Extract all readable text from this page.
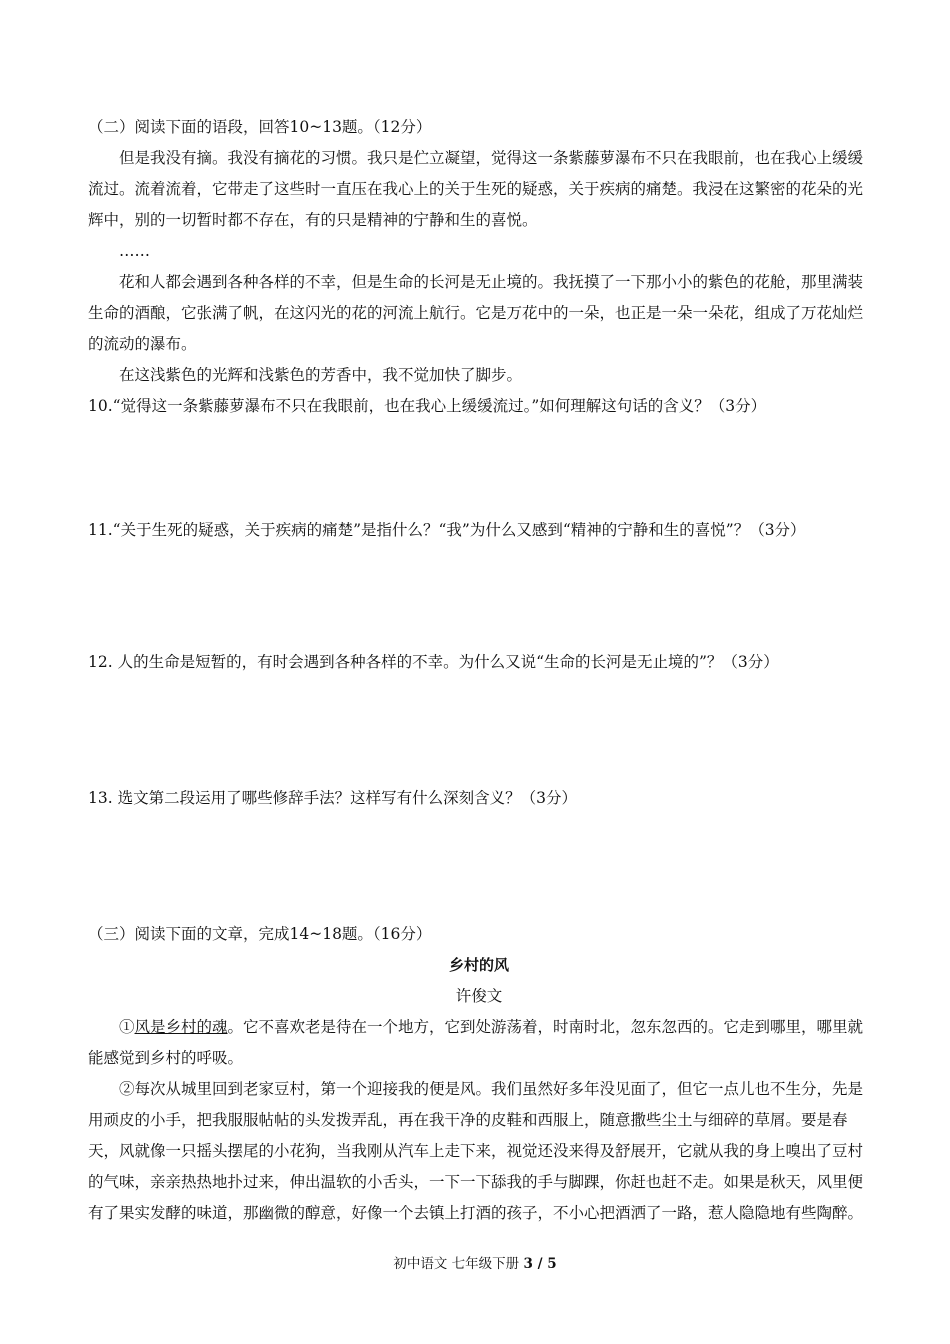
（二）阅读下面的语段，回答10~13题。（12分）

但是我没有摘。我没有摘花的习惯。我只是伫立凝望，觉得这一条紫藤萝瀑布不只在我眼前，也在我心上缓缓流过。流着流着，它带走了这些时一直压在我心上的关于生死的疑惑，关于疾病的痛楚。我浸在这繁密的花朵的光辉中，别的一切暂时都不存在，有的只是精神的宁静和生的喜悦。

……

花和人都会遇到各种各样的不幸，但是生命的长河是无止境的。我抚摸了一下那小小的紫色的花舱，那里满装生命的酒酿，它张满了帆，在这闪光的花的河流上航行。它是万花中的一朵，也正是一朵一朵花，组成了万花灿烂的流动的瀑布。

在这浅紫色的光辉和浅紫色的芳香中，我不觉加快了脚步。

10.“觉得这一条紫藤萝瀑布不只在我眼前，也在我心上缓缓流过。”如何理解这句话的含义？（3分）

11.“关于生死的疑惑，关于疾病的痛楚”是指什么？“我”为什么又感到“精神的宁静和生的喜悦”？（3分）

12. 人的生命是短暂的，有时会遇到各种各样的不幸。为什么又说“生命的长河是无止境的”？（3分）

13. 选文第二段运用了哪些修辞手法？这样写有什么深刻含义？（3分）

（三）阅读下面的文章，完成14~18题。（16分）

乡村的风

许俊文

①风是乡村的魂。它不喜欢老是待在一个地方，它到处游荡着，时南时北，忽东忽西的。它走到哪里，哪里就能感觉到乡村的呼吸。

②每次从城里回到老家豆村，第一个迎接我的便是风。我们虽然好多年没见面了，但它一点儿也不生分，先是用顽皮的小手，把我服服帖帖的头发拨弄乱，再在我干净的皮鞋和西服上，随意撒些尘土与细碎的草屑。要是春天，风就像一只摇头摆尾的小花狗，当我刚从汽车上走下来，视觉还没来得及舒展开，它就从我的身上嗅出了豆村的气味，亲亲热热地扑过来，伸出温软的小舌头，一下一下舔我的手与脚踝，你赶也赶不走。如果是秋天，风里便有了果实发酵的味道，那幽微的醇意，好像一个去镇上打酒的孩子，不小心把酒洒了一路，惹人隐隐地有些陶醉。

初中语文 七年级下册 3 / 5
